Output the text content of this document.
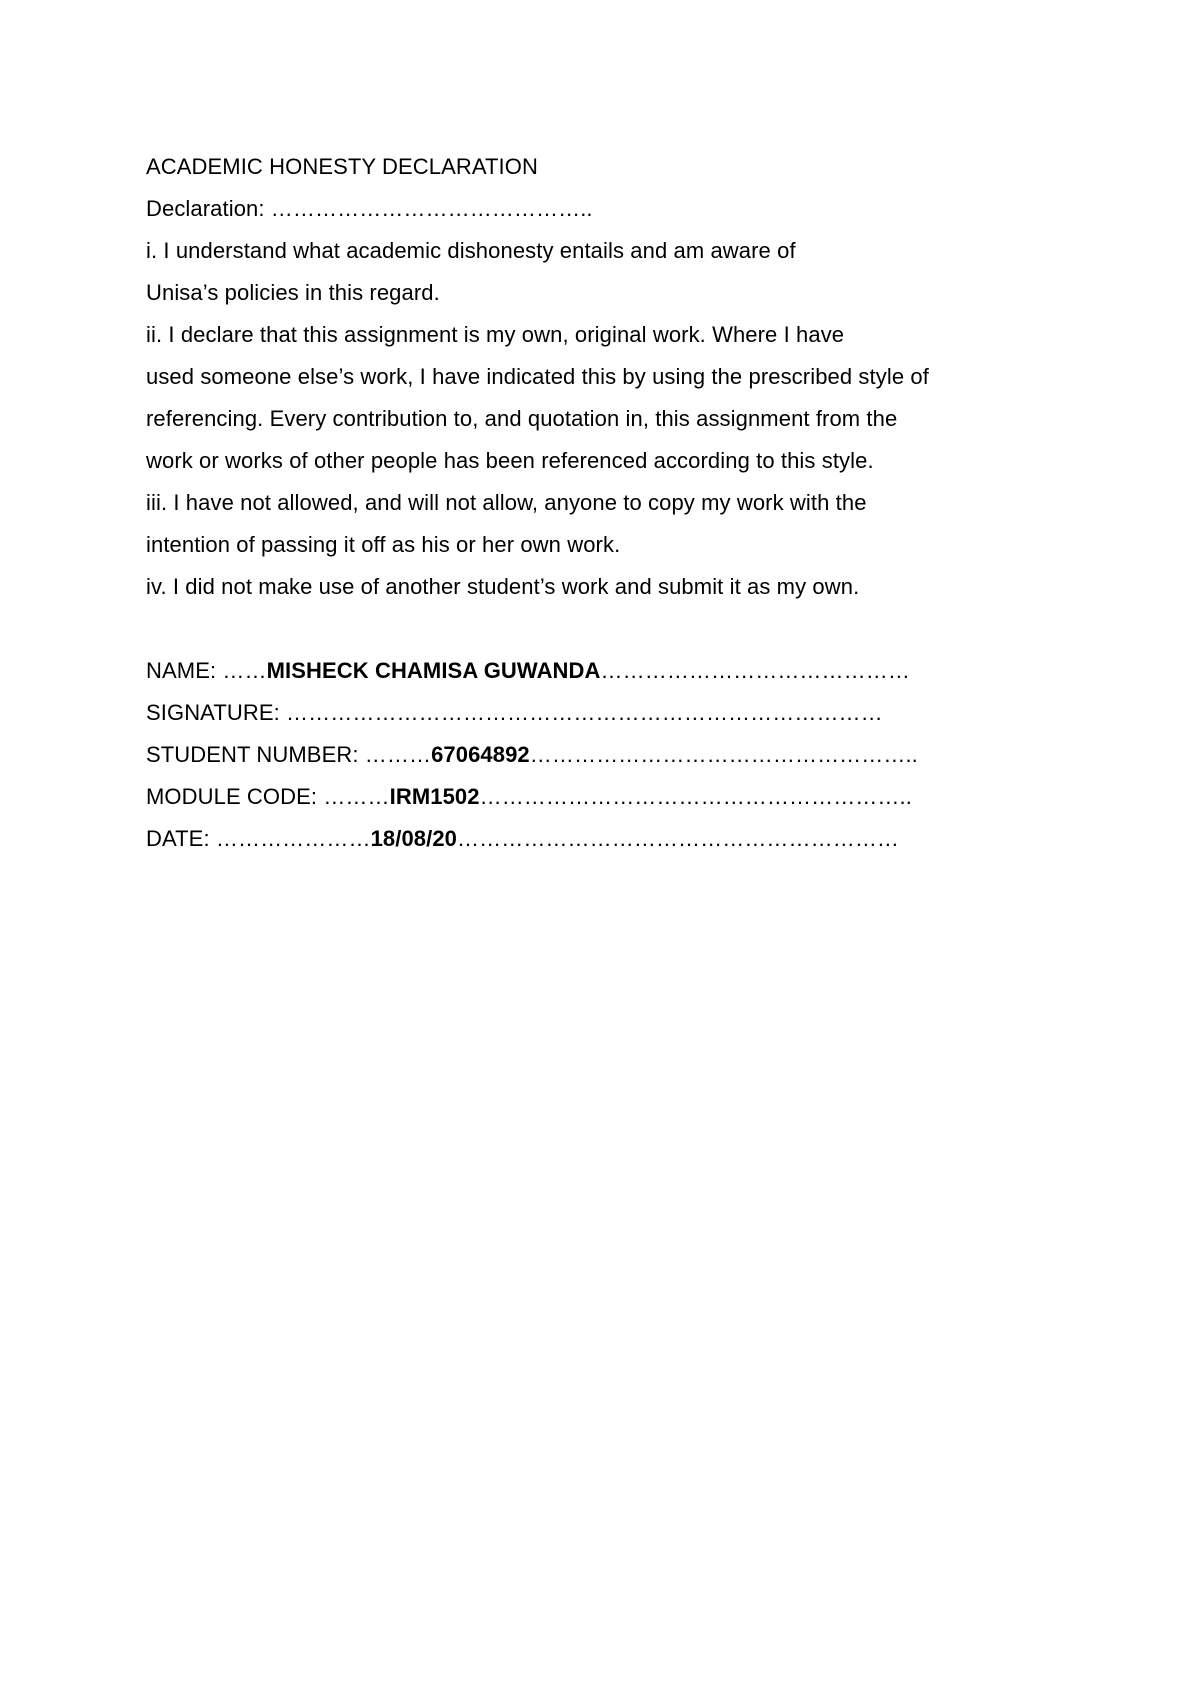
ACADEMIC HONESTY DECLARATION

Declaration: ……………………………………..

i. I understand what academic dishonesty entails and am aware of

Unisa’s policies in this regard.

ii. I declare that this assignment is my own, original work. Where I have

used someone else’s work, I have indicated this by using the prescribed style of

referencing. Every contribution to, and quotation in, this assignment from the

work or works of other people has been referenced according to this style.

iii. I have not allowed, and will not allow, anyone to copy my work with the

intention of passing it off as his or her own work.

iv. I did not make use of another student’s work and submit it as my own.

NAME: ……MISHECK CHAMISA GUWANDA……………………………………

SIGNATURE: ………………………………………………………………………

STUDENT NUMBER: ………67064892……………………………………………..

MODULE CODE: ………IRM1502…………………………………………………..

DATE: …………………18/08/20……………………………………………………
